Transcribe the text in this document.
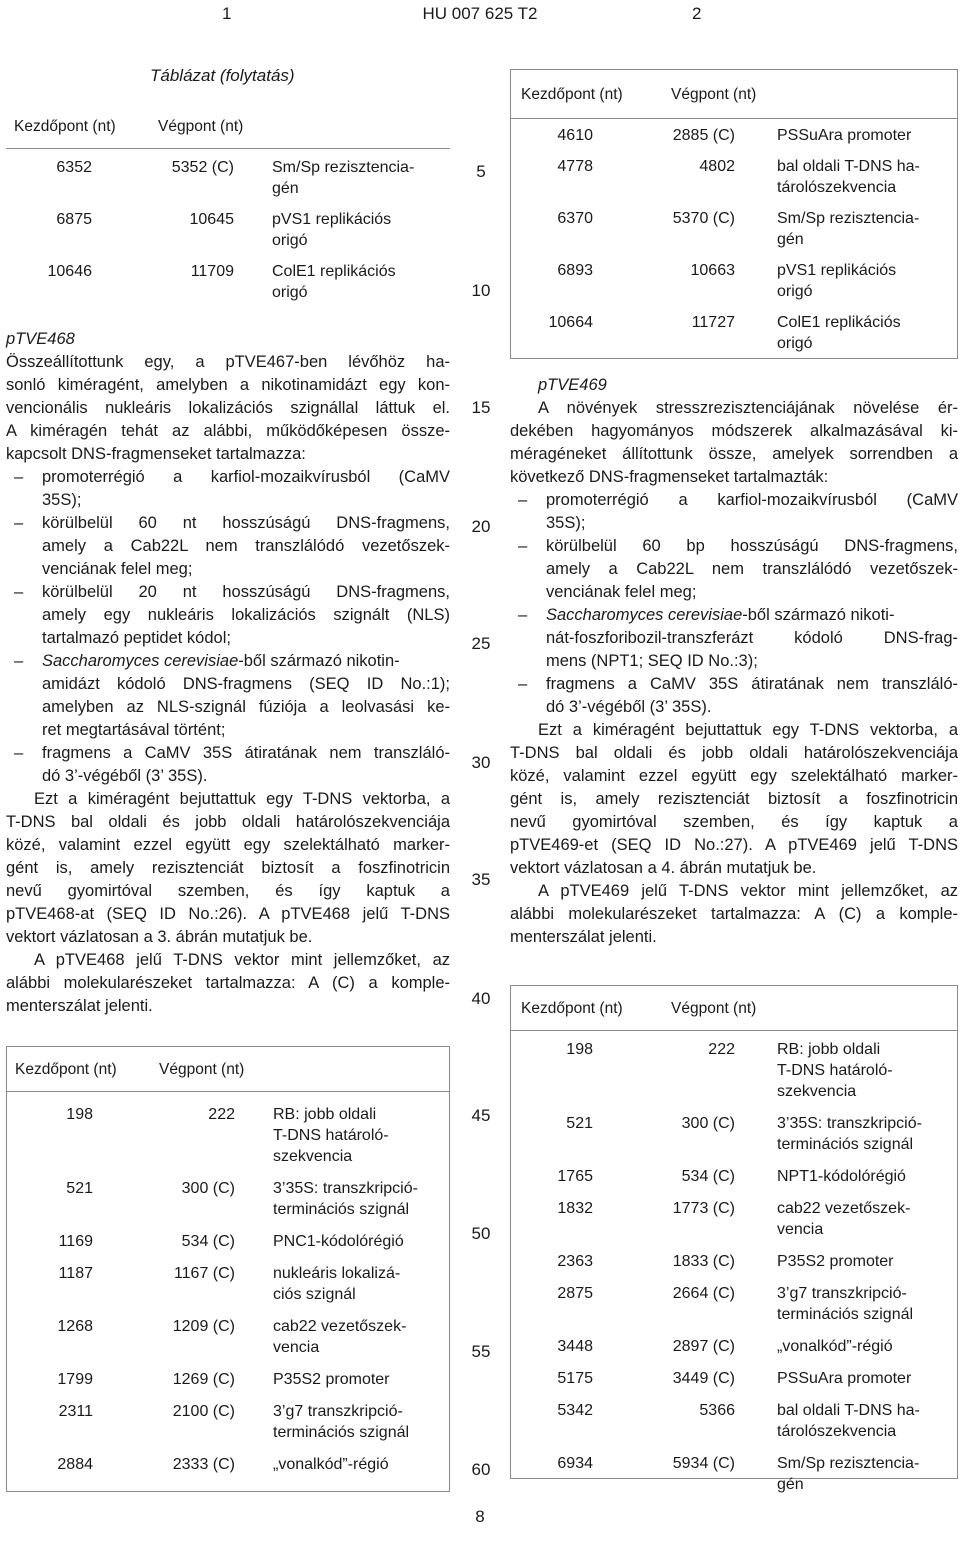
1	HU 007 625 T2	2
Táblázat (folytatás)
Kezdőpont (nt)	Végpont (nt)
6352	5352 (C) Sm/Sp rezisztencia-
gén
6875	10645 pVS1 replikációs
origó
10646	11709 ColE1 replikációs
origó
pTVE468
Összeállítottunk egy, a pTVE467-ben lévőhöz ha-
sonló kiméragént, amelyben a nikotinamidázt egy kon-
vencionális nukleáris lokalizációs szignállal láttuk el.
A kiméragén tehát az alábbi, működőképesen össze-
kapcsolt DNS-fragmenseket tartalmazza:
–	promoterrégió a karfiol-mozaikvírusból (CaMV
35S);
–	körülbelül 60 nt hosszúságú DNS-fragmens,
amely a Cab22L nem transzlálódó vezetőszek-
venciának felel meg;
–	körülbelül 20 nt hosszúságú DNS-fragmens,
amely egy nukleáris lokalizációs szignált (NLS)
tartalmazó peptidet kódol;
–	Saccharomyces cerevisiae-ből származó nikotin-
amidázt kódoló DNS-fragmens (SEQ ID No.:1);
amelyben az NLS-szignál fúziója a leolvasási ke-
ret megtartásával történt;
–	fragmens a CaMV 35S átiratának nem transzláló-
dó 3’-végéből (3’ 35S).
Ezt a kiméragént bejuttattuk egy T-DNS vektorba, a
T-DNS bal oldali és jobb oldali határolószekvenciája
közé, valamint ezzel együtt egy szelektálható marker-
gént is, amely rezisztenciát biztosít a foszfinotricin
nevű gyomirtóval szemben, és így kaptuk a
pTVE468-at (SEQ ID No.:26). A pTVE468 jelű T-DNS
vektort vázlatosan a 3. ábrán mutatjuk be.
A pTVE468 jelű T-DNS vektor mint jellemzőket, az
alábbi molekularészeket tartalmazza: A (C) a komple-
menterszálat jelenti.
Kezdőpont (nt)	Végpont (nt)
198	222 RB: jobb oldali
T-DNS határoló-
szekvencia
521	300 (C) 3’35S: transzkripció-
terminációs szignál
1169	534 (C) PNC1-kódolórégió
1187	1167 (C) nukleáris lokalizá-
ciós szignál
1268	1209 (C) cab22 vezetőszek-
vencia
1799	1269 (C) P35S2 promoter
2311	2100 (C) 3’g7 transzkripció-
terminációs szignál
2884	2333 (C) „vonalkód”-régió
5
10
15
20
25
30
35
40
45
50
55
60
Kezdőpont (nt)	Végpont (nt)
4610	2885 (C)	PSSuAra promoter
4778	4802	bal oldali T-DNS ha-
tárolószekvencia
6370	5370 (C)	Sm/Sp rezisztencia-
gén
6893	10663	pVS1 replikációs
origó
10664	11727	ColE1 replikációs
origó
pTVE469
A növények stresszrezisztenciájának növelése ér-
dekében hagyományos módszerek alkalmazásával ki-
méragéneket állítottunk össze, amelyek sorrendben a
következő DNS-fragmenseket tartalmazták:
–	promoterrégió a karfiol-mozaikvírusból (CaMV
35S);
–	körülbelül 60 bp hosszúságú DNS-fragmens,
amely a Cab22L nem transzlálódó vezetőszek-
venciának felel meg;
–	Saccharomyces cerevisiae-ből származó nikoti-
nát-foszforibozil-transzferázt kódoló DNS-frag-
mens (NPT1; SEQ ID No.:3);
–	fragmens a CaMV 35S átiratának nem transzláló-
dó 3’-végéből (3’ 35S).
Ezt a kiméragént bejuttattuk egy T-DNS vektorba, a
T-DNS bal oldali és jobb oldali határolószekvenciája
közé, valamint ezzel együtt egy szelektálható marker-
gént is, amely rezisztenciát biztosít a foszfinotricin
nevű gyomirtóval szemben, és így kaptuk a
pTVE469-et (SEQ ID No.:27). A pTVE469 jelű T-DNS
vektort vázlatosan a 4. ábrán mutatjuk be.
A pTVE469 jelű T-DNS vektor mint jellemzőket, az
alábbi molekularészeket tartalmazza: A (C) a komple-
menterszálat jelenti.
Kezdőpont (nt)	Végpont (nt)
198	222	RB: jobb oldali
T-DNS határoló-
szekvencia
521	300 (C)	3’35S: transzkripció-
terminációs szignál
1765	534 (C)	NPT1-kódolórégió
1832	1773 (C)	cab22 vezetőszek-
vencia
2363	1833 (C)	P35S2 promoter
2875	2664 (C)	3’g7 transzkripció-
terminációs szignál
3448	2897 (C)	„vonalkód”-régió
5175	3449 (C)	PSSuAra promoter
5342	5366	bal oldali T-DNS ha-
tárolószekvencia
6934	5934 (C)	Sm/Sp rezisztencia-
gén
8
